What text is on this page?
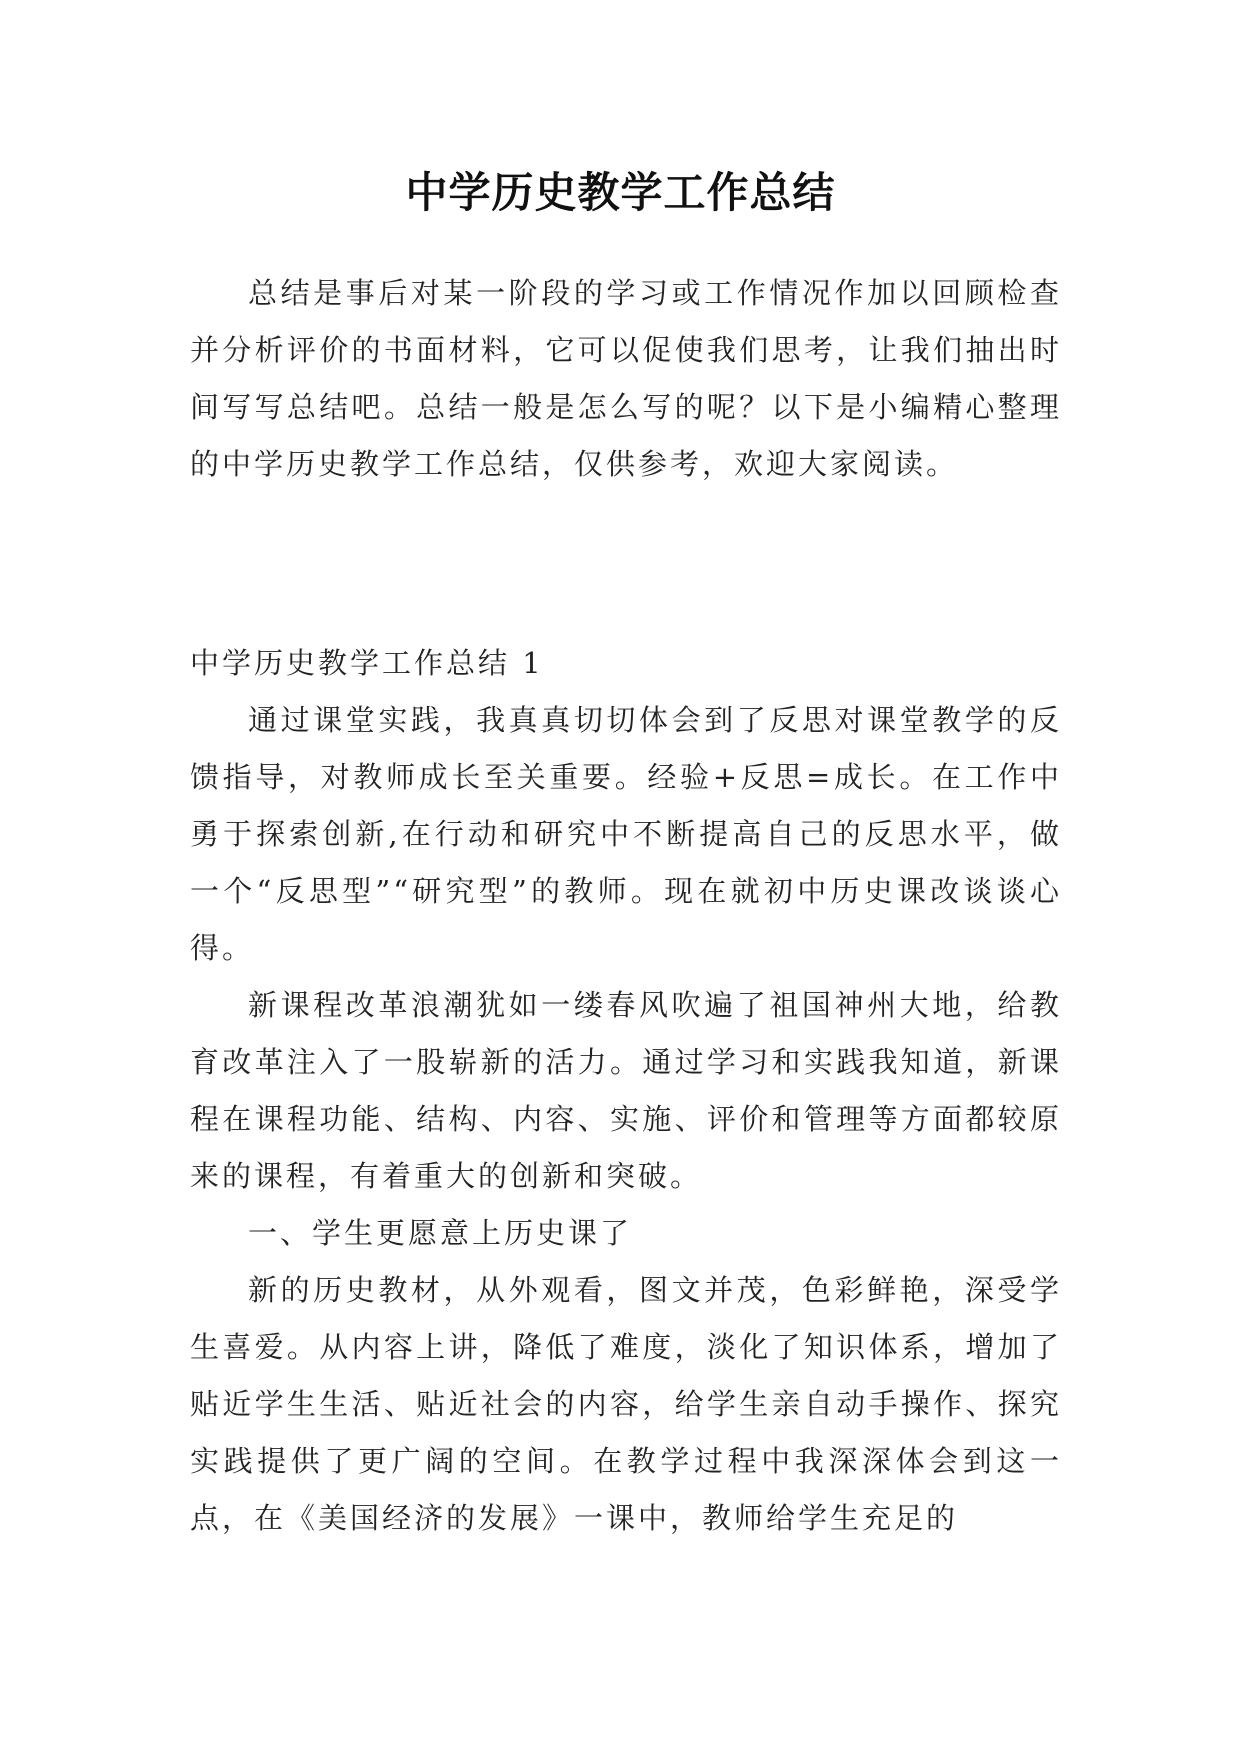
中学历史教学工作总结

总结是事后对某一阶段的学习或工作情况作加以回顾检查并分析评价的书面材料，它可以促使我们思考，让我们抽出时间写写总结吧。总结一般是怎么写的呢？以下是小编精心整理的中学历史教学工作总结，仅供参考，欢迎大家阅读。

中学历史教学工作总结 1

通过课堂实践，我真真切切体会到了反思对课堂教学的反馈指导，对教师成长至关重要。经验+反思=成长。在工作中勇于探索创新,在行动和研究中不断提高自己的反思水平，做一个“反思型”“研究型”的教师。现在就初中历史课改谈谈心得。

新课程改革浪潮犹如一缕春风吹遍了祖国神州大地，给教育改革注入了一股崭新的活力。通过学习和实践我知道，新课程在课程功能、结构、内容、实施、评价和管理等方面都较原来的课程，有着重大的创新和突破。

一、学生更愿意上历史课了

新的历史教材，从外观看，图文并茂，色彩鲜艳，深受学生喜爱。从内容上讲，降低了难度，淡化了知识体系，增加了贴近学生生活、贴近社会的内容，给学生亲自动手操作、探究实践提供了更广阔的空间。在教学过程中我深深体会到这一点，在《美国经济的发展》一课中，教师给学生充足的
